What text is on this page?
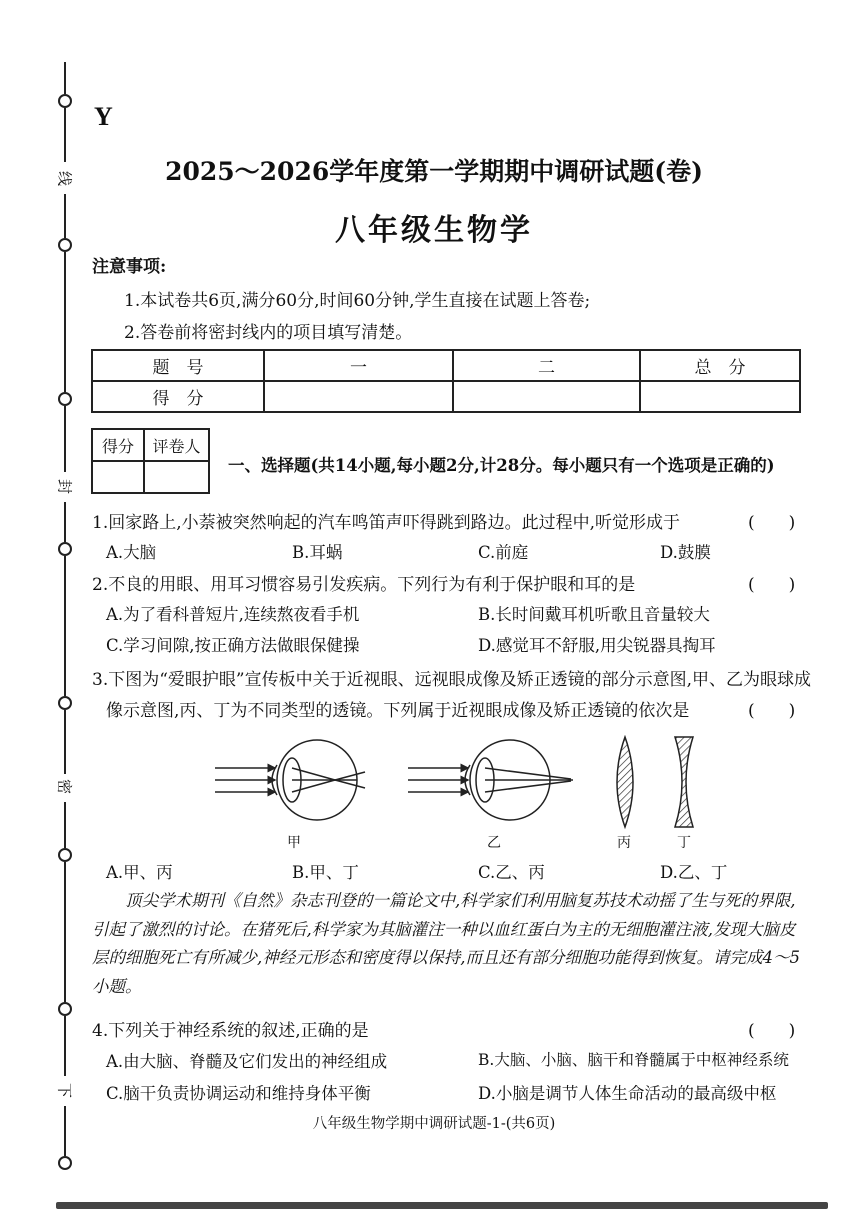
线
封
密
下
Y
2025～2026学年度第一学期期中调研试题(卷)
八年级生物学
注意事项:
1.本试卷共6页,满分60分,时间60分钟,学生直接在试题上答卷;
2.答卷前将密封线内的项目填写清楚。
题　号	一	二	总　分
得　分			
得分	评卷人

一、选择题(共14小题,每小题2分,计28分。每小题只有一个选项是正确的)
1.回家路上,小萘被突然响起的汽车鸣笛声吓得跳到路边。此过程中,听觉形成于	(　　)
A.大脑	B.耳蜗	C.前庭	D.鼓膜
2.不良的用眼、用耳习惯容易引发疾病。下列行为有利于保护眼和耳的是	(　　)
A.为了看科普短片,连续熬夜看手机	B.长时间戴耳机听歌且音量较大
C.学习间隙,按正确方法做眼保健操	D.感觉耳不舒服,用尖锐器具掏耳
3.下图为“爱眼护眼”宣传板中关于近视眼、远视眼成像及矫正透镜的部分示意图,甲、乙为眼球成
像示意图,丙、丁为不同类型的透镜。下列属于近视眼成像及矫正透镜的依次是	(　　)
甲	乙	丙	丁
A.甲、丙	B.甲、丁	C.乙、丙	D.乙、丁
顶尖学术期刊《自然》杂志刊登的一篇论文中,科学家们利用脑复苏技术动摇了生与死的界限,引起了激烈的讨论。在猪死后,科学家为其脑灌注一种以血红蛋白为主的无细胞灌注液,发现大脑皮层的细胞死亡有所减少,神经元形态和密度得以保持,而且还有部分细胞功能得到恢复。请完成4～5小题。
4.下列关于神经系统的叙述,正确的是	(　　)
A.由大脑、脊髓及它们发出的神经组成	B.大脑、小脑、脑干和脊髓属于中枢神经系统
C.脑干负责协调运动和维持身体平衡	D.小脑是调节人体生命活动的最高级中枢
八年级生物学期中调研试题-1-(共6页)
